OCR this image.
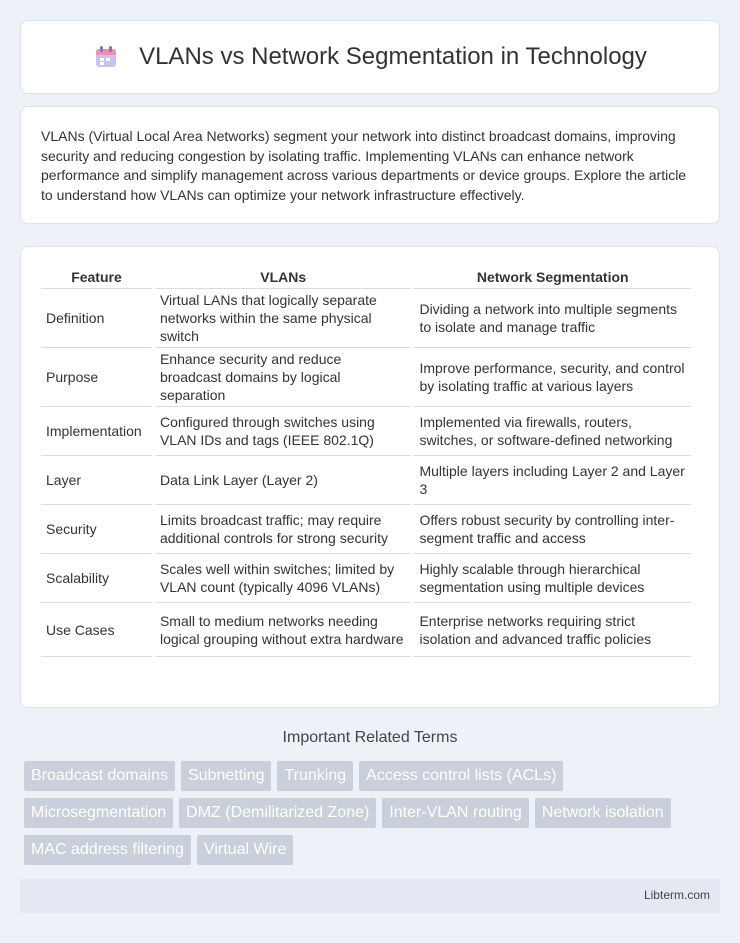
VLANs vs Network Segmentation in Technology

VLANs (Virtual Local Area Networks) segment your network into distinct broadcast domains, improving security and reducing congestion by isolating traffic. Implementing VLANs can enhance network performance and simplify management across various departments or device groups. Explore the article to understand how VLANs can optimize your network infrastructure effectively.

Feature	VLANs	Network Segmentation
Definition	Virtual LANs that logically separate networks within the same physical switch	Dividing a network into multiple segments to isolate and manage traffic
Purpose	Enhance security and reduce broadcast domains by logical separation	Improve performance, security, and control by isolating traffic at various layers
Implementation	Configured through switches using VLAN IDs and tags (IEEE 802.1Q)	Implemented via firewalls, routers, switches, or software-defined networking
Layer	Data Link Layer (Layer 2)	Multiple layers including Layer 2 and Layer 3
Security	Limits broadcast traffic; may require additional controls for strong security	Offers robust security by controlling inter-segment traffic and access
Scalability	Scales well within switches; limited by VLAN count (typically 4096 VLANs)	Highly scalable through hierarchical segmentation using multiple devices
Use Cases	Small to medium networks needing logical grouping without extra hardware	Enterprise networks requiring strict isolation and advanced traffic policies
Important Related Terms
Broadcast domains	Subnetting	Trunking	Access control lists (ACLs)
Microsegmentation	DMZ (Demilitarized Zone)	Inter-VLAN routing	Network isolation
MAC address filtering	Virtual Wire
Libterm.com
